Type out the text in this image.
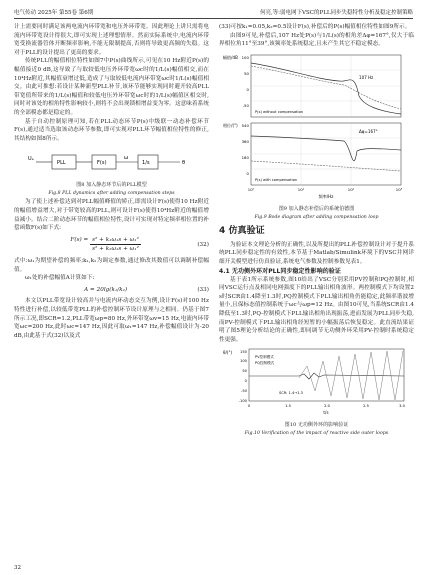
电气传动 2025年 第55卷 第6期	何亮,等:弱电网下VSC的PLL同步失稳特性分析及稳定控制策略

计上需要同时满足该两电流内环带宽和电压外环带宽。因此理论上讲只需将电流内环带宽设计得很大,即可实现上述理想情形。然而实际系统中,电流内环带宽受换流器管体开断频率影响,不能无限制提高,否则将导致更高频的失稳。这对于PLL的设计提出了更高的要求。

传统PLL的幅值相位特性如图7中P(s)曲线所示,可见在10 Hz附近P(s)的幅值接近0 dB,这导致了与取较低电压外环带宽ωc时的1/L(s)幅值相交,而在10⁴Hz附近,其幅值衰增过低,造成了与取较低电流内环带宽ωc时1/L(s)幅值相交。由此可推想:若设计某种新型PLL补节,该环节能够实现同时避开较高PLL带宽值所带来的1/L(s)幅值和较低电压外环带宽ωc时的1/L(s)幅值区相交时,同时对该处的相角特性影响较小,则将不会出现锁相增益变为零。这意味着系统的全部模态都是稳定的。

基于自动控制原理可知,若在PLL动态环节P(s)中级联一动态补偿环节F(s),通过适当选取该动态环节参数,即可实现对PLL环节幅值相位特性的修正,其结构如图8所示。

Uₑ
PLL	F(s)
ω
1/s	θ
图8 加入静态环节后的PLL模型
Fig.8 PLL dynamics after adding compensation steps

为了使上述补偿达到对PLL幅值峰值的矫正,即需设计F(s)使得10 Hz附近的幅值增益增大,对于带宽较高的PLL,则可设计F(s)使得10⁴Hz附近的幅值增益减小。结合二阶动态环节的幅值相位特性,设计可实现对特定频率相位置的补偿函数F(s)如下式:

$F(s) = \frac{\text{s² + k₁ω₁s + ω₁²}}{\text{s² + k₂ω₁s + ω₁²}}$	(32)

式中:ω₁为期望补偿的频率;k₁,k₂为调定参数,通过修改其数值可以调制补偿幅值。

ω₁处的补偿幅值A计算如下:

A = 20lg(k₁/k₂)	(33)

本文以PLL带宽设计较高并与电流内环动态交互为例,设计F(s)对100 Hz特性进行补偿,以较低带宽PLL的补偿控制环节设计原理与之相同。仍基于图7所示工况,即SCR=1.2,PLL带宽ωp=80 Hz,外环带宽ωv=15 Hz,电流内环带宽ωc=200 Hz,此时ωc=147 Hz,因此可取ω₁=147 Hz,补偿幅值设计为-20 dB,由此基于式(32)以及式

(33)可按k₁=0.05,k₂=0.5设计F(s),补偿后的P(s)幅值相位特性如图9所示。

由图9可见,补偿后,107 Hz处P(s)与1/L(s)的相角差Δφ=167°,仅大于临界相位角11°至39°,该频率处系统稳定,且未产生其它不稳定模态。

幅值/dB
相位/(°)
100
50
0
-50
540
360
180
0
10⁰	10¹	10²	10³
频率/Hz
Δφ=167°
107 Hz
P(s) without compensation
P(s) with compensation
图9 加入静态补偿后的系统伯德图
Fig.9 Bode diagram after adding compensation loop
4 仿真验证

为验证本文理论分析的正确性,以及所提出的PLL补偿控制设计对于提升系统PLL同步稳定性的有效性,本节基于Matlab/Simulink环境下的VSC并网详细开关模型进行仿真验证,系统电气参数及控制参数见表1。

4.1 无功侧外环对PLL同步稳定性影响的验证

基于表1所示系统参数,图10给出了VSC分别采用PV控制和PQ控制时,相同VSC运行点及相同电网强度下的PLL输出相角波形。两控制模式下均设置2 s时SCR由1.4降至1.3时,PQ控制模式下PLL输出相角仍能稳定,此频率谐波增量小,且保标态值控制系统于ωc与ωp=12 Hz。由图10可见,当系统SCR由1.4降低至1.3时,PQ-控制模式下PLL输出相角出现振荡,进而发展为PLL同步失稳,而PV-控制模式下PLL输出相角经短暂的小幅振荡后恢复稳定。此直流结果证明了图5理论分析结论的正确性,即同调节无功侧外环采用PV-控制时系统稳定性更强。

θ/(°) 150
100
50
0
-50
-100
0	1.5	2.0	2.5	3.0
t/s
PV控制模式
PQ控制模式
SCR: 1.4→1.3
图10 无功侧外环的影响验证
Fig.10 Verification of the impact of reactive side outer loops
32
